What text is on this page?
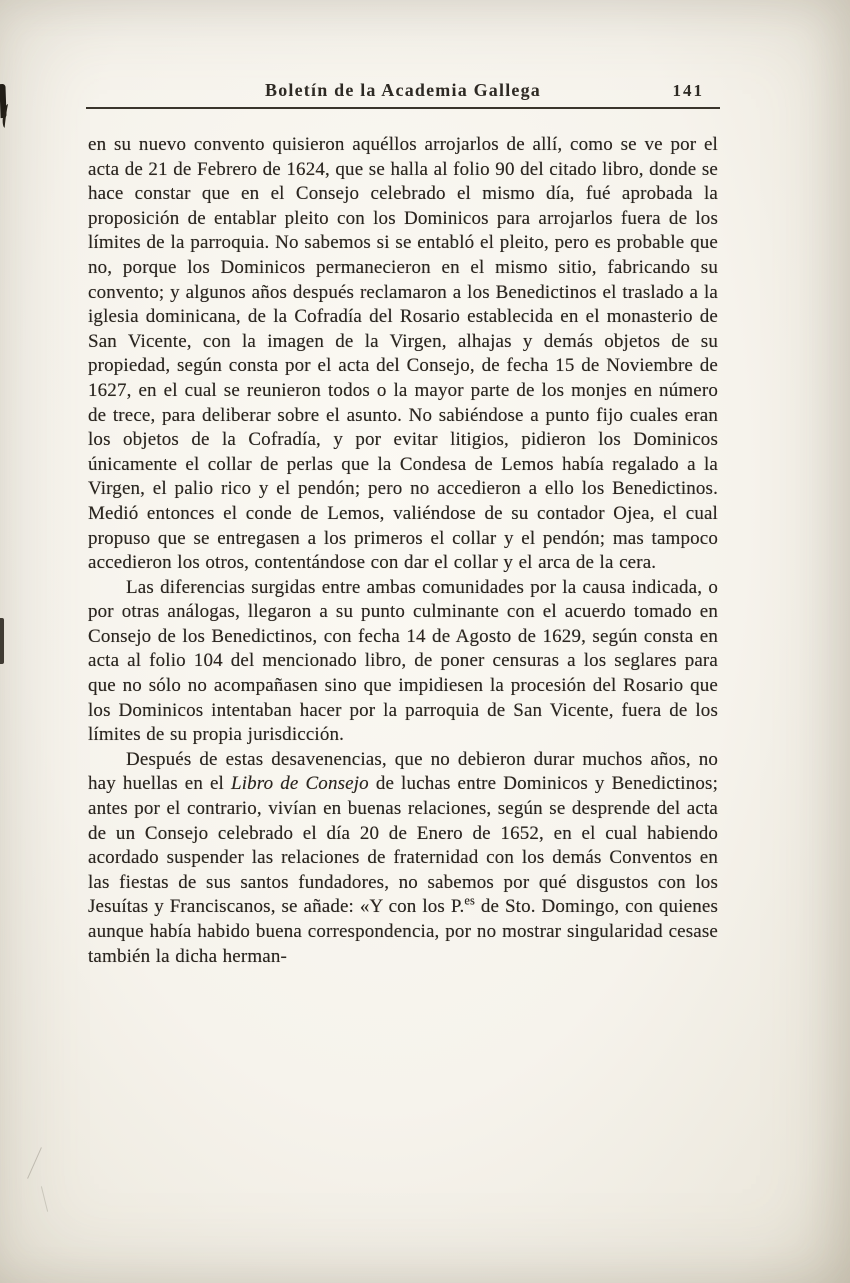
Boletín de la Academia Gallega	141

en su nuevo convento quisieron aquéllos arrojarlos de allí, como se ve por el acta de 21 de Febrero de 1624, que se halla al folio 90 del citado libro, donde se hace constar que en el Consejo celebrado el mismo día, fué aprobada la proposición de entablar pleito con los Dominicos para arrojarlos fuera de los límites de la parroquia. No sabemos si se entabló el pleito, pero es probable que no, porque los Dominicos permanecieron en el mismo sitio, fabricando su convento; y algunos años después reclamaron a los Benedictinos el traslado a la iglesia dominicana, de la Cofradía del Rosario establecida en el monasterio de San Vicente, con la imagen de la Virgen, alhajas y demás objetos de su propiedad, según consta por el acta del Consejo, de fecha 15 de Noviembre de 1627, en el cual se reunieron todos o la mayor parte de los monjes en número de trece, para deliberar sobre el asunto. No sabiéndose a punto fijo cuales eran los objetos de la Cofradía, y por evitar litigios, pidieron los Dominicos únicamente el collar de perlas que la Condesa de Lemos había regalado a la Virgen, el palio rico y el pendón; pero no accedieron a ello los Benedictinos. Medió entonces el conde de Lemos, valiéndose de su contador Ojea, el cual propuso que se entregasen a los primeros el collar y el pendón; mas tampoco accedieron los otros, contentándose con dar el collar y el arca de la cera.

Las diferencias surgidas entre ambas comunidades por la causa indicada, o por otras análogas, llegaron a su punto culminante con el acuerdo tomado en Consejo de los Benedictinos, con fecha 14 de Agosto de 1629, según consta en acta al folio 104 del mencionado libro, de poner censuras a los seglares para que no sólo no acompañasen sino que impidiesen la procesión del Rosario que los Dominicos intentaban hacer por la parroquia de San Vicente, fuera de los límites de su propia jurisdicción.

Después de estas desavenencias, que no debieron durar muchos años, no hay huellas en el Libro de Consejo de luchas entre Dominicos y Benedictinos; antes por el contrario, vivían en buenas relaciones, según se desprende del acta de un Consejo celebrado el día 20 de Enero de 1652, en el cual habiendo acordado suspender las relaciones de fraternidad con los demás Conventos en las fiestas de sus santos fundadores, no sabemos por qué disgustos con los Jesuítas y Franciscanos, se añade: «Y con los P.$^{es}$ de Sto. Domingo, con quienes aunque había habido buena correspondencia, por no mostrar singularidad cesase también la dicha herman-
